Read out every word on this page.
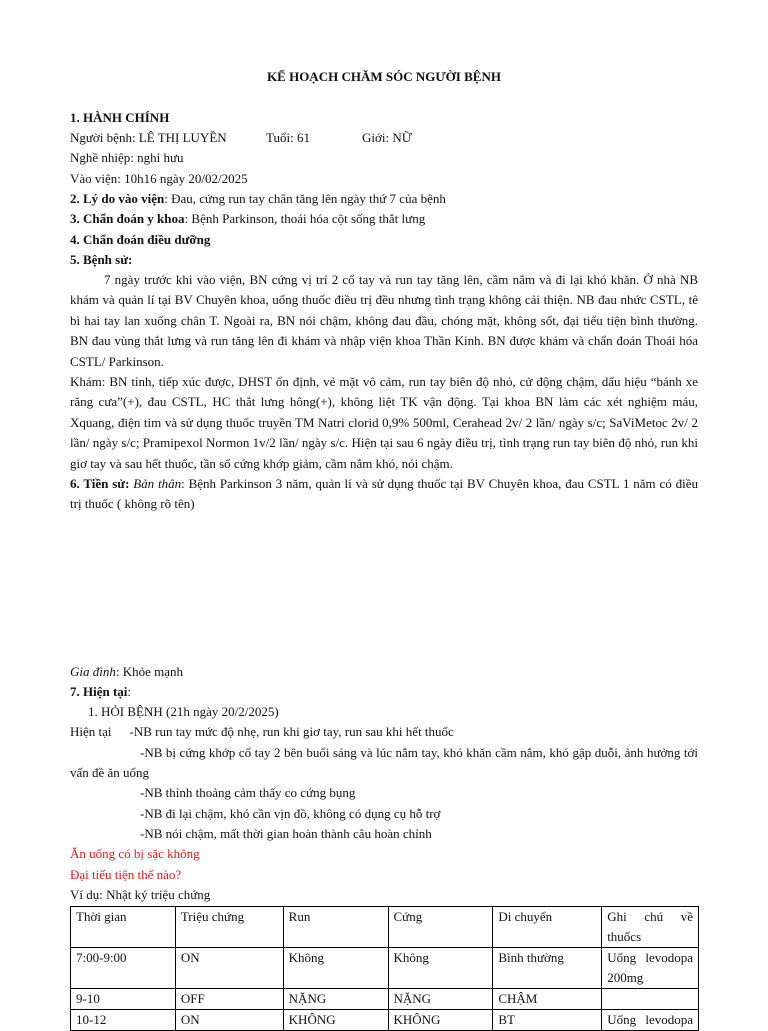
KẾ HOẠCH CHĂM SÓC NGƯỜI BỆNH
1. HÀNH CHÍNH
Người bệnh: LÊ THỊ LUYỀN	Tuổi: 61	Giới: NỮ
Nghề nhiệp: nghỉ hưu
Vào viện: 10h16 ngày 20/02/2025
2. Lý do vào viện: Đau, cứng run tay chân tăng lên ngày thứ 7 của bệnh
3. Chẩn đoán y khoa: Bệnh Parkinson, thoái hóa cột sống thắt lưng
4. Chẩn đoán điều dưỡng
5. Bệnh sử:
7 ngày trước khi vào viện, BN cứng vị trí 2 cổ tay và run tay tăng lên, cầm nắm và đi lại khó khăn. Ở nhà NB khám và quản lí tại BV Chuyên khoa, uống thuốc điều trị đều nhưng tình trạng không cải thiện. NB đau nhức CSTL, tê bì hai tay lan xuống chân T. Ngoài ra, BN nói chậm, không đau đầu, chóng mặt, không sốt, đại tiểu tiện bình thường. BN đau vùng thắt lưng và run tăng lên đi khám và nhập viện khoa Thần Kinh. BN được khám và chẩn đoán Thoái hóa CSTL/ Parkinson.
Khám: BN tỉnh, tiếp xúc được, DHST ổn định, vẻ mặt vô cảm, run tay biên độ nhỏ, cử động chậm, dấu hiệu “bánh xe răng cưa”(+), đau CSTL, HC thắt lưng hông(+), không liệt TK vận động. Tại khoa BN làm các xét nghiệm máu, Xquang, điện tim và sử dụng thuốc truyền TM Natri clorid 0,9% 500ml, Cerahead 2v/ 2 lần/ ngày s/c; SaViMetoc 2v/ 2 lần/ ngày s/c; Pramipexol Normon 1v/2 lần/ ngày s/c. Hiện tại sau 6 ngày điều trị, tình trạng run tay biên độ nhỏ, run khi giơ tay và sau hết thuốc, tần số cứng khớp giảm, cầm nắm khó, nói chậm.
6. Tiền sử: Bản thân: Bệnh Parkinson 3 năm, quản lí và sử dụng thuốc tại BV Chuyên khoa, đau CSTL 1 năm có điều trị thuốc ( không rõ tên)
Gia đình: Khỏe mạnh
7. Hiện tại:
1. HỎI BỆNH (21h ngày 20/2/2025)
Hiện tại -NB run tay mức độ nhẹ, run khi giơ tay, run sau khi hết thuốc
-NB bị cứng khớp cổ tay 2 bên buổi sáng và lúc nắm tay, khó khăn cầm nắm, khó gập duỗi, ảnh hưởng tới vấn đề ăn uống
-NB thỉnh thoảng cảm thấy co cứng bụng
-NB đi lại chậm, khó cần vịn đồ, không có dụng cụ hỗ trợ
-NB nói chậm, mất thời gian hoàn thành câu hoàn chỉnh
Ăn uống có bị sặc không
Đại tiểu tiện thế nào?
Ví dụ: Nhật ký triệu chứng
Thời gian	Triệu chứng	Run	Cứng	Di chuyển	Ghi chú về thuốcs
7:00-9:00	ON	Không	Không	Bình thường	Uống levodopa 200mg
9-10	OFF	NẶNG	NẶNG	CHẬM	
10-12	ON	KHÔNG	KHÔNG	BT	Uống levodopa
